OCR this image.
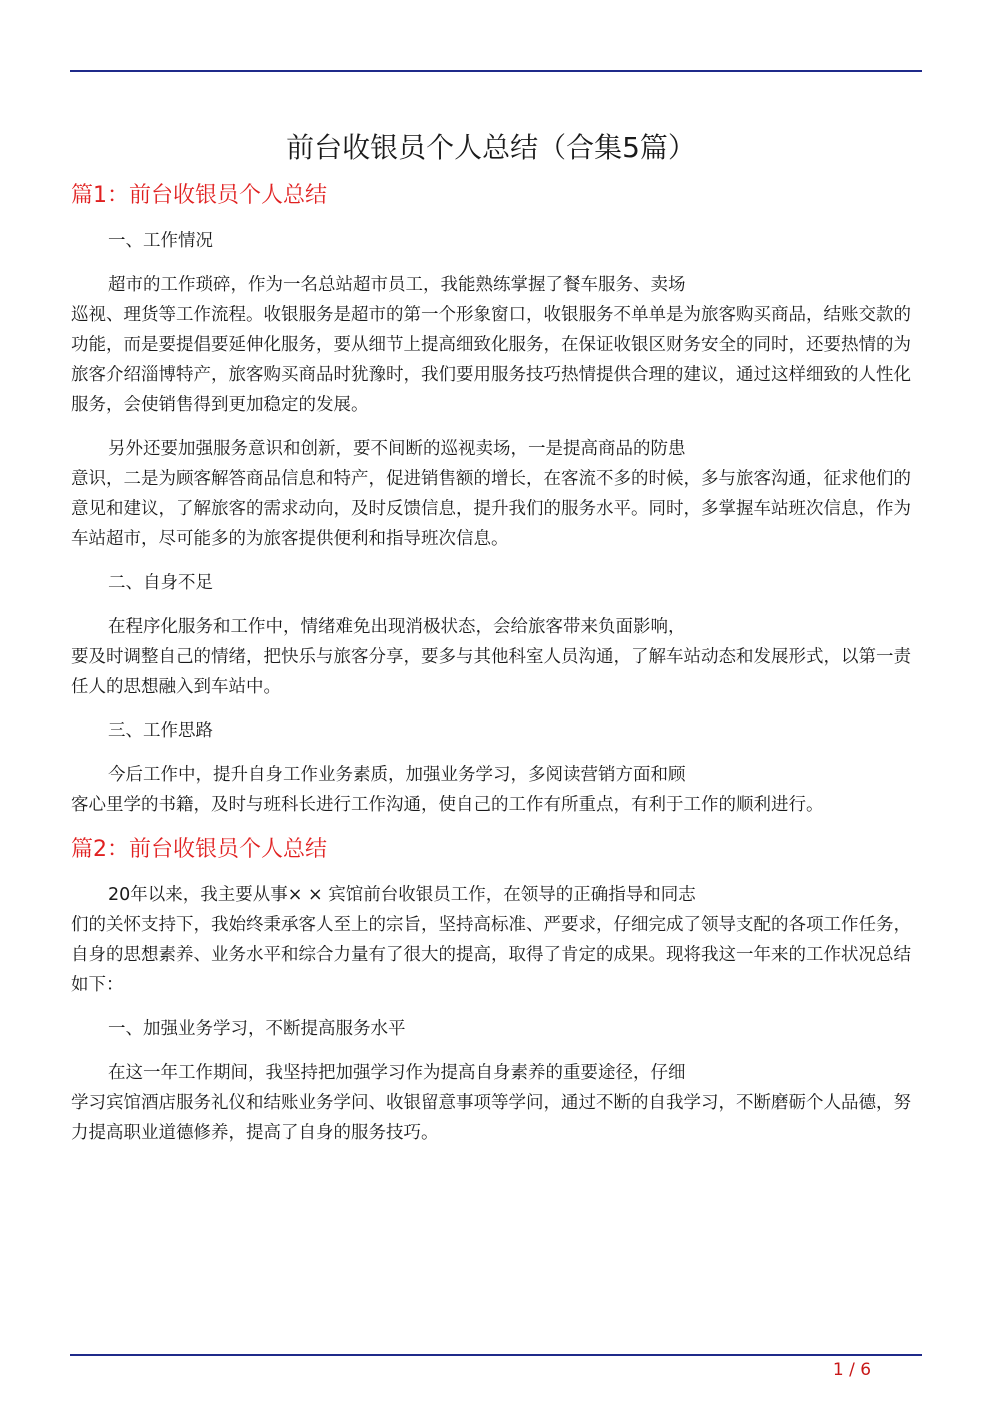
前台收银员个人总结（合集5篇）
篇1：前台收银员个人总结

一、工作情况

超市的工作琐碎，作为一名总站超市员工，我能熟练掌握了餐车服务、卖场
巡视、理货等工作流程。收银服务是超市的第一个形象窗口，收银服务不单单是为旅客购买商品，结账交款的功能，而是要提倡要延伸化服务，要从细节上提高细致化服务，在保证收银区财务安全的同时，还要热情的为旅客介绍淄博特产，旅客购买商品时犹豫时，我们要用服务技巧热情提供合理的建议，通过这样细致的人性化服务，会使销售得到更加稳定的发展。

另外还要加强服务意识和创新，要不间断的巡视卖场，一是提高商品的防患
意识，二是为顾客解答商品信息和特产，促进销售额的增长，在客流不多的时候，多与旅客沟通，征求他们的意见和建议，了解旅客的需求动向，及时反馈信息，提升我们的服务水平。同时，多掌握车站班次信息，作为车站超市，尽可能多的为旅客提供便利和指导班次信息。

二、自身不足

在程序化服务和工作中，情绪难免出现消极状态，会给旅客带来负面影响，
要及时调整自己的情绪，把快乐与旅客分享，要多与其他科室人员沟通，了解车站动态和发展形式，以第一责任人的思想融入到车站中。

三、工作思路

今后工作中，提升自身工作业务素质，加强业务学习，多阅读营销方面和顾
客心里学的书籍，及时与班科长进行工作沟通，使自己的工作有所重点，有利于工作的顺利进行。

篇2：前台收银员个人总结

20年以来，我主要从事× × 宾馆前台收银员工作，在领导的正确指导和同志
们的关怀支持下，我始终秉承客人至上的宗旨，坚持高标准、严要求，仔细完成了领导支配的各项工作任务，自身的思想素养、业务水平和综合力量有了很大的提高，取得了肯定的成果。现将我这一年来的工作状况总结如下：

一、加强业务学习，不断提高服务水平

在这一年工作期间，我坚持把加强学习作为提高自身素养的重要途径，仔细
学习宾馆酒店服务礼仪和结账业务学问、收银留意事项等学问，通过不断的自我学习，不断磨砺个人品德，努力提高职业道德修养，提高了自身的服务技巧。

1 / 6
